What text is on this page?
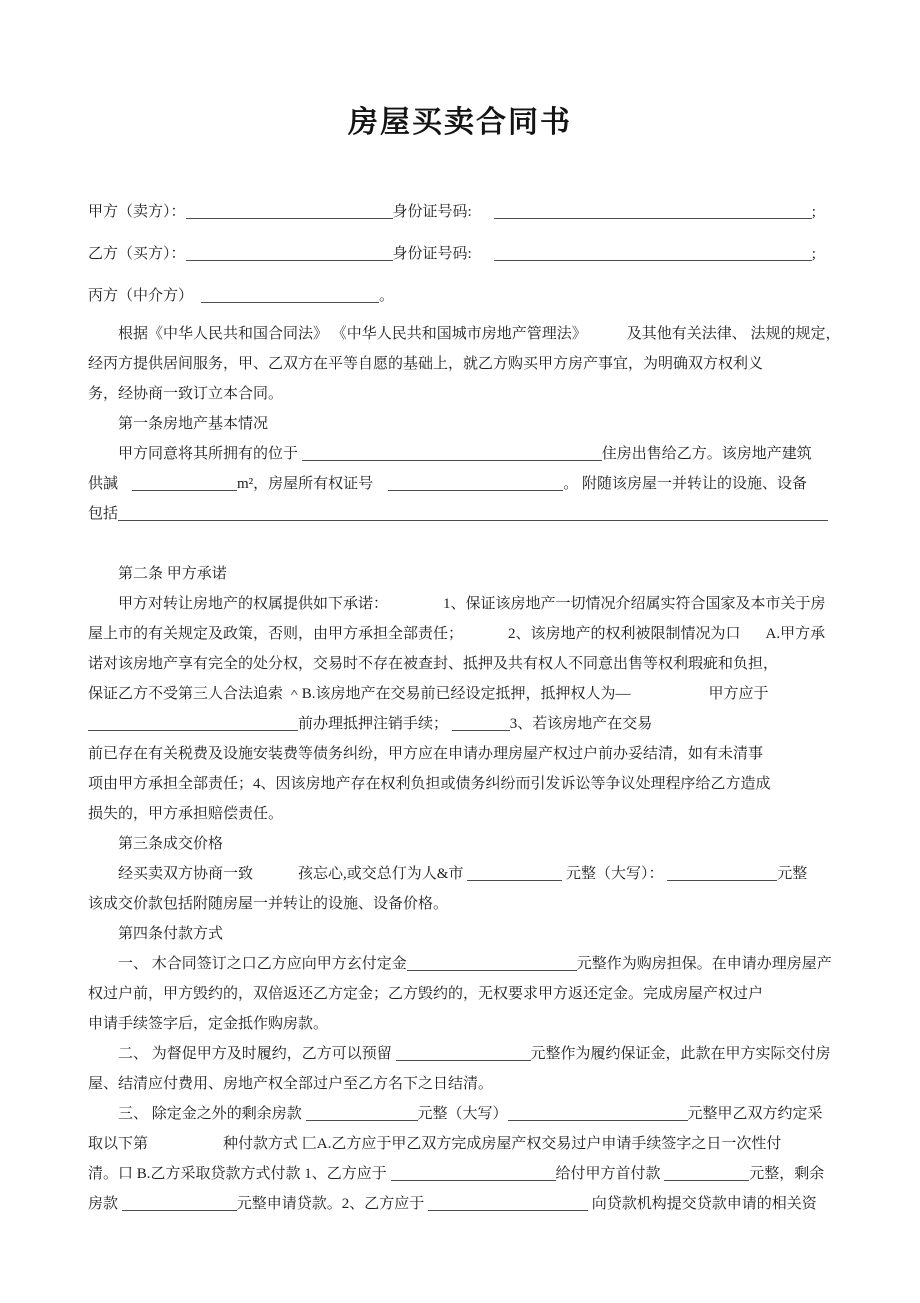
房屋买卖合同书
甲方（卖方）：	身份证号码:	;
乙方（买方）：	身份证号码:	;
丙方（中介方）	。
根据《中华人民共和国合同法》 《中华人民共和国城市房地产管理法》	及其他有关法律、 法规的规定，
经丙方提供居间服务，甲、乙双方在平等自愿的基础上，就乙方购买甲方房产事宜，为明确双方权利义
务，经协商一致订立本合同。
第一条房地产基本情况
甲方同意将其所拥有的位于	住房出售给乙方。该房地产建筑
供諴	m²，房屋所有权证号	。 附随该房屋一并转让的设施、设备
包括

第二条 甲方承诺
甲方对转让房地产的权属提供如下承诺：	1、保证该房地产一切情况介绍属实符合国家及本市关于房
屋上市的有关规定及政策，否则，由甲方承担全部责任；	2、该房地产的权利被限制情况为口 A.甲方承
诺对该房地产享有完全的处分权，交易时不存在被查封、抵押及共有权人不同意出售等权利瑕疵和负担，
保证乙方不受第三人合法追索 ＾B.该房地产在交易前已经设定抵押，抵押权人为—	甲方应于
前办理抵押注销手续；	3、若该房地产在交易
前已存在有关税费及设施安装费等债务纠纷，甲方应在申请办理房屋产权过户前办妥结清，如有未清事
项由甲方承担全部责任；4、因该房地产存在权利负担或债务纠纷而引发诉讼等争议处理程序给乙方造成
损失的，甲方承担赔偿责任。
第三条成交价格
经买卖双方协商一致	孩忘心,或交总仃为人&市	元整（大写）：	元整
该成交价款包括附随房屋一并转让的设施、设备价格。
第四条付款方式
一、 木合同签订之口乙方应向甲方玄付定金	元整作为购房担保。在申请办理房屋产
权过户前，甲方毁约的，双倍返还乙方定金；乙方毁约的，无权要求甲方返还定金。完成房屋产权过户
申请手续签字后，定金抵作购房款。
二、 为督促甲方及时履约，乙方可以预留	元整作为履约保证金，此款在甲方实际交付房
屋、结清应付费用、房地产权全部过户至乙方名下之日结清。
三、 除定金之外的剩余房款	元整（大写）	元整甲乙双方约定采
取以下第	种付款方式 匚A.乙方应于甲乙双方完成房屋产权交易过户申请手续签字之日一次性付
清。口 B.乙方采取贷款方式付款 1、乙方应于	给付甲方首付款	元整，剩余
房款	元整申请贷款。2、乙方应于	向贷款机构提交贷款申请的相关资
